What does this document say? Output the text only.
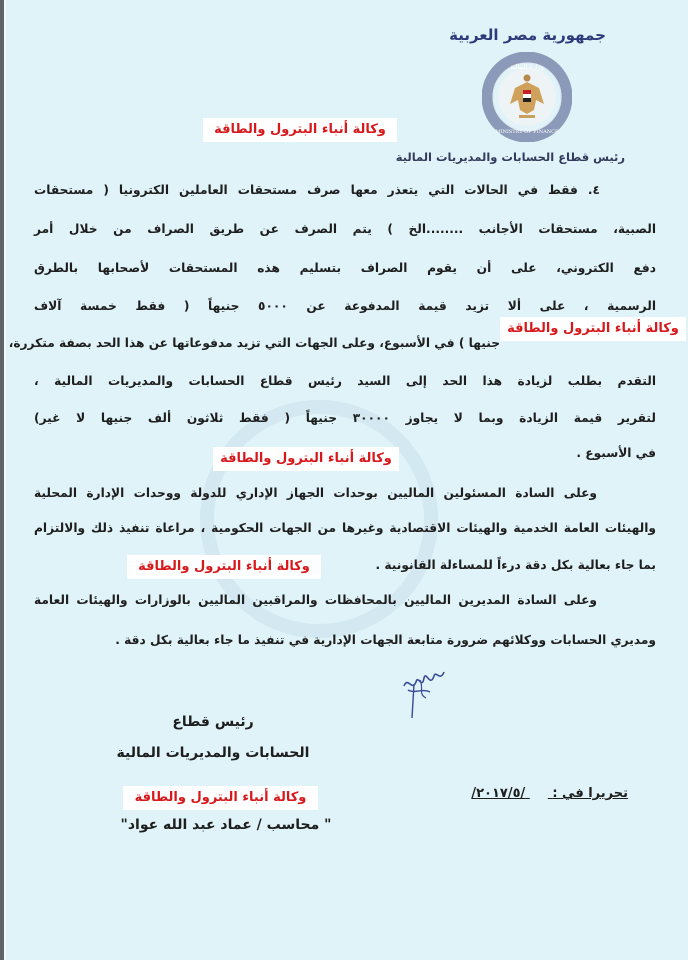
جمهورية مصر العربية
وزارة المالية
MINISTRY OF FINANCE
رئيس قطاع الحسابات والمديريات المالية
وكالة أنباء البترول والطاقة
وكالة أنباء البترول والطاقة
وكالة أنباء البترول والطاقة
وكالة أنباء البترول والطاقة
وكالة أنباء البترول والطاقة
٤. فقط في الحالات التي يتعذر معها صرف مستحقات العاملين الكترونيا ( مستحقات
الصبية، مستحقات الأجانب ........الخ ) يتم الصرف عن طريق الصراف من خلال أمر
دفع الكتروني، على أن يقوم الصراف بتسليم هذه المستحقات لأصحابها بالطرق
الرسمية ، على ألا تزيد قيمة المدفوعة عن ٥٠٠٠ جنيهاً ( فقط خمسة آلاف
جنيها ) في الأسبوع، وعلى الجهات التي تزيد مدفوعاتها عن هذا الحد بصفة متكررة،
التقدم بطلب لزيادة هذا الحد إلى السيد رئيس قطاع الحسابات والمديريات المالية ،
لتقرير قيمة الزيادة وبما لا يجاوز ٣٠٠٠٠ جنيهاً ( فقط ثلاثون ألف جنيها لا غير)
في الأسبوع .
وعلى السادة المسئولين الماليين بوحدات الجهاز الإداري للدولة ووحدات الإدارة المحلية
والهيئات العامة الخدمية والهيئات الاقتصادية وغيرها من الجهات الحكومية ، مراعاة تنفيذ ذلك والالتزام
بما جاء بعالية بكل دقة درءاً للمساءلة القانونية .
وعلى السادة المديرين الماليين بالمحافظات والمراقبين الماليين بالوزارات والهيئات العامة
ومديري الحسابات ووكلائهم ضرورة متابعة الجهات الإدارية في تنفيذ ما جاء بعالية بكل دقة .
رئيس قطاع
الحسابات والمديريات المالية
" محاسب / عماد عبد الله عواد"
تحريرا في :  /٢٠١٧/٥/
